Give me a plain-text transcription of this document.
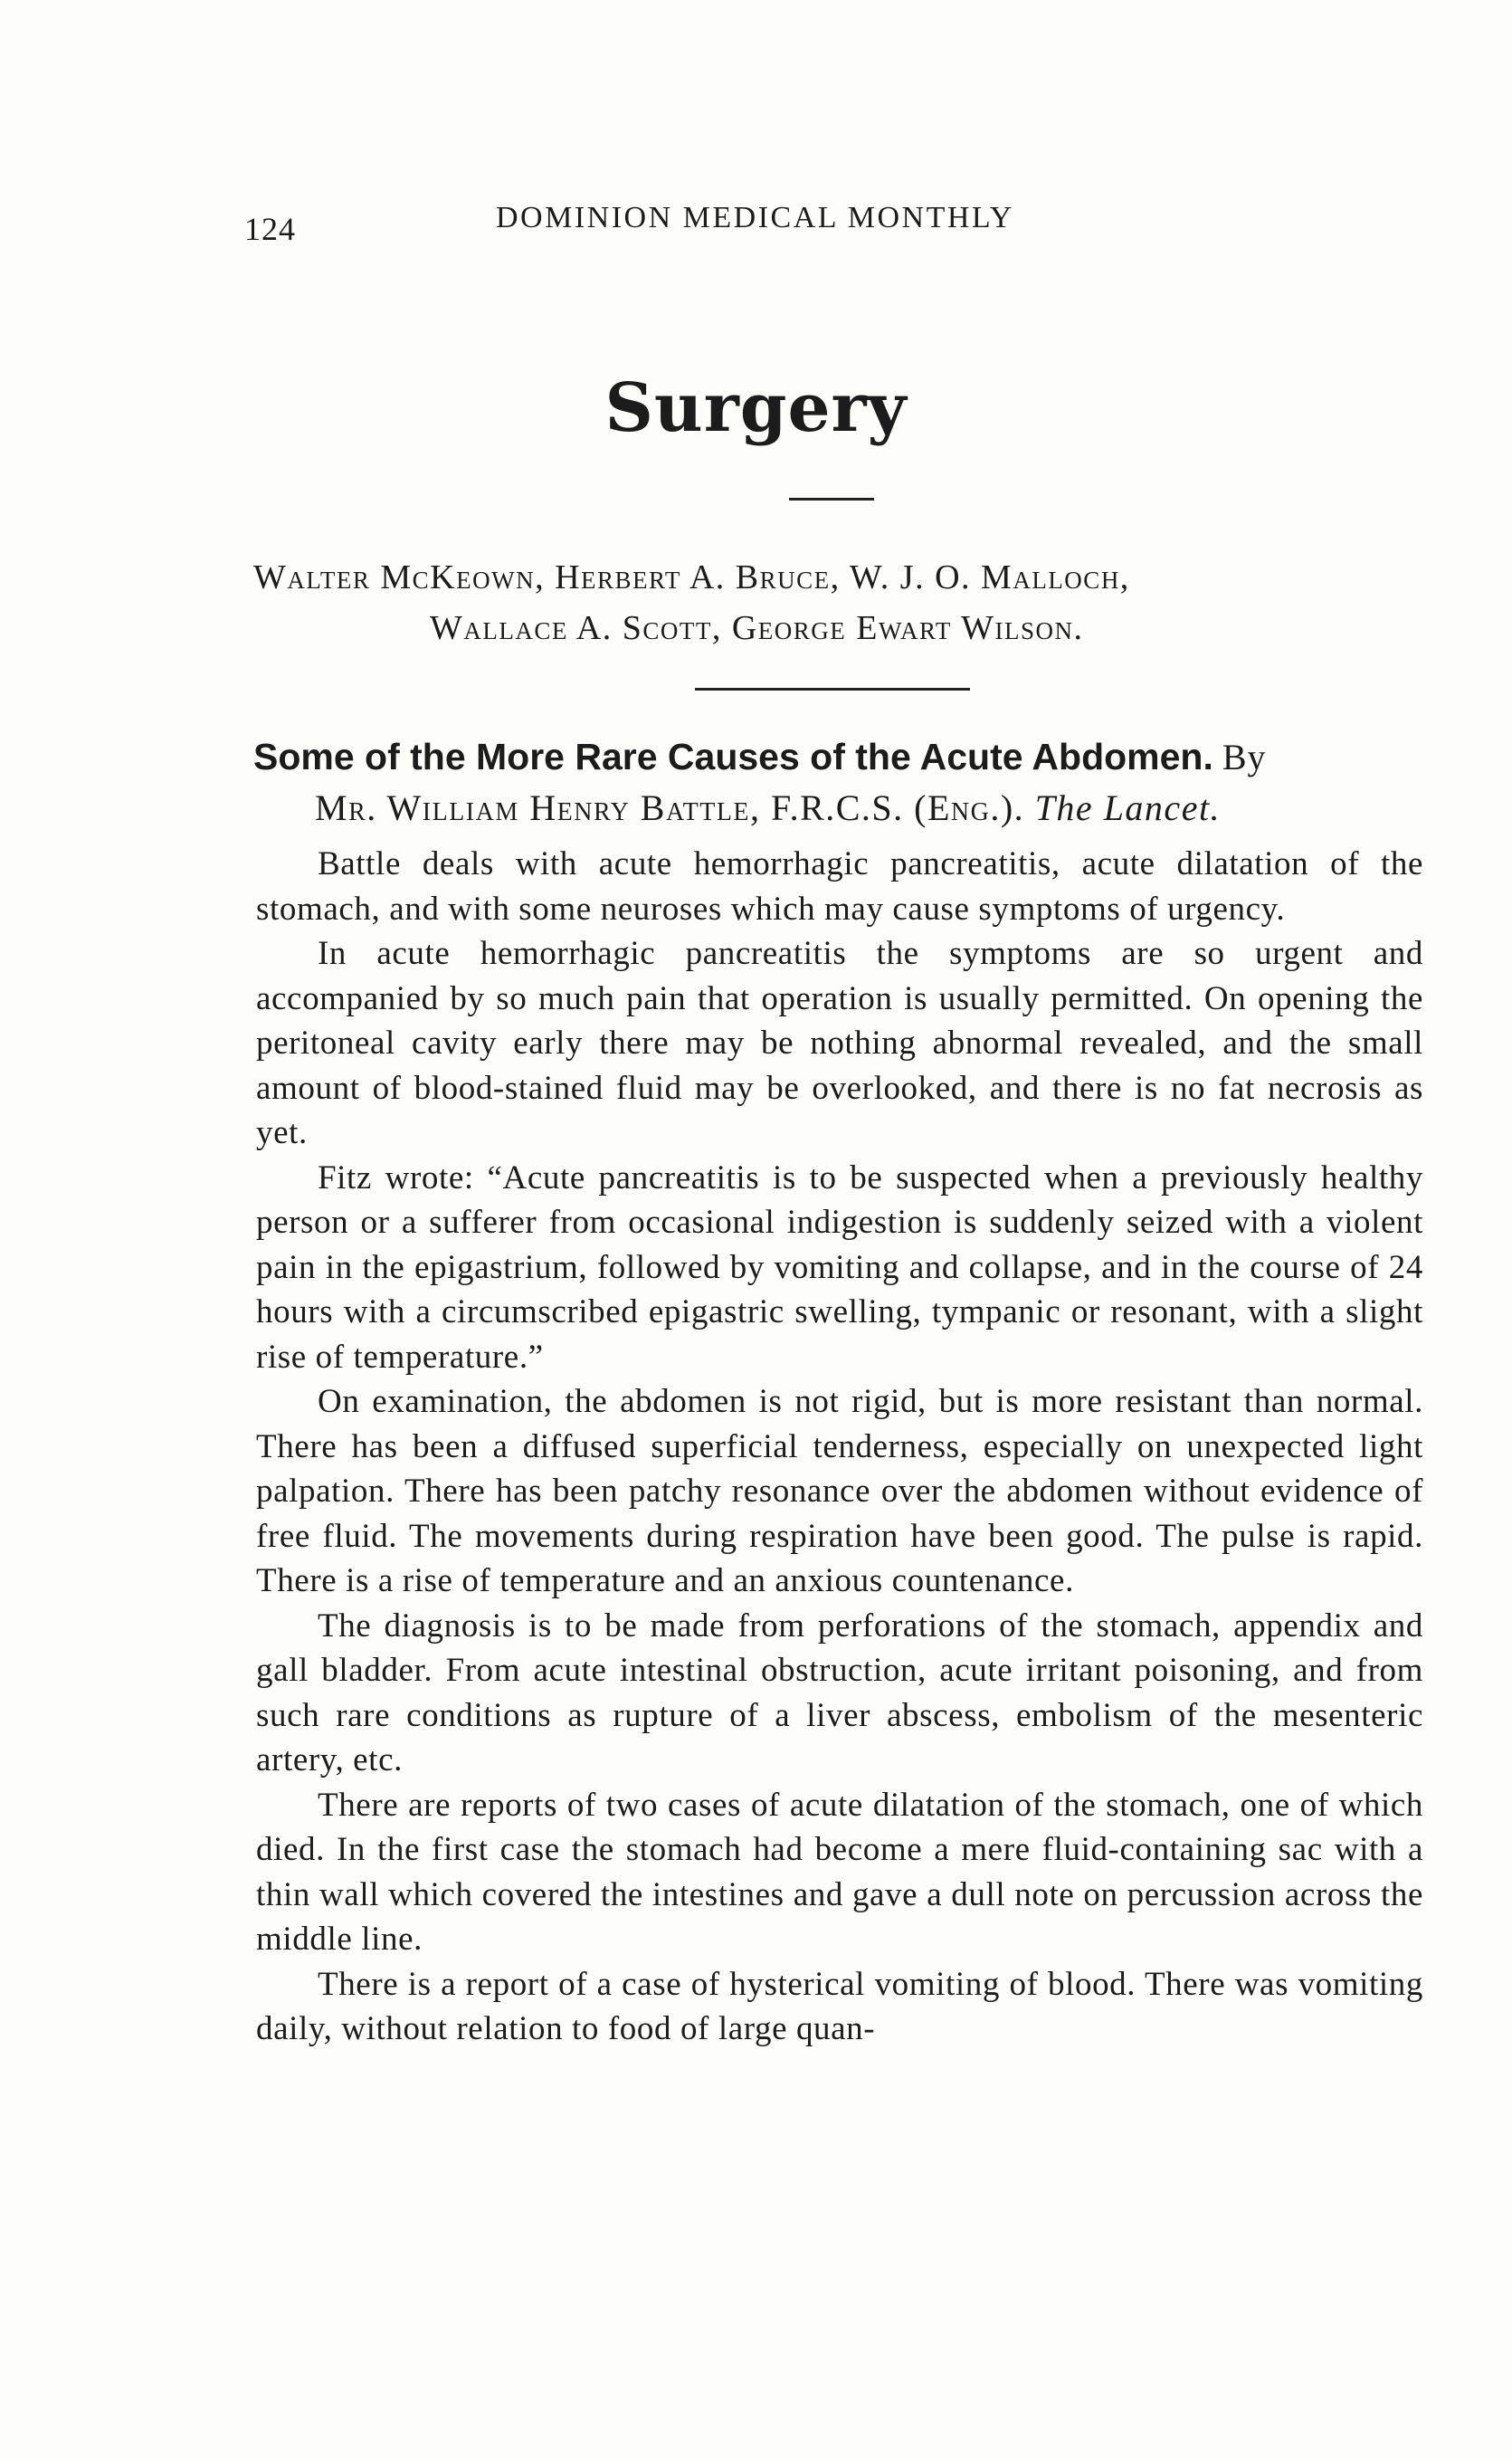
124	DOMINION MEDICAL MONTHLY
Surgery
Walter McKeown, Herbert A. Bruce, W. J. O. Malloch,
Wallace A. Scott, George Ewart Wilson.
Some of the More Rare Causes of the Acute Abdomen. By
Mr. William Henry Battle, F.R.C.S. (Eng.). The Lancet.

Battle deals with acute hemorrhagic pancreatitis, acute dilatation of the stomach, and with some neuroses which may cause symptoms of urgency.

In acute hemorrhagic pancreatitis the symptoms are so urgent and accompanied by so much pain that operation is usually permitted. On opening the peritoneal cavity early there may be nothing abnormal revealed, and the small amount of blood-stained fluid may be overlooked, and there is no fat necrosis as yet.

Fitz wrote: “Acute pancreatitis is to be suspected when a previously healthy person or a sufferer from occasional indigestion is suddenly seized with a violent pain in the epigastrium, followed by vomiting and collapse, and in the course of 24 hours with a circumscribed epigastric swelling, tympanic or resonant, with a slight rise of temperature.”

On examination, the abdomen is not rigid, but is more resistant than normal. There has been a diffused superficial tenderness, especially on unexpected light palpation. There has been patchy resonance over the abdomen without evidence of free fluid. The movements during respiration have been good. The pulse is rapid. There is a rise of temperature and an anxious countenance.

The diagnosis is to be made from perforations of the stomach, appendix and gall bladder. From acute intestinal obstruction, acute irritant poisoning, and from such rare conditions as rupture of a liver abscess, embolism of the mesenteric artery, etc.

There are reports of two cases of acute dilatation of the stomach, one of which died. In the first case the stomach had become a mere fluid-containing sac with a thin wall which covered the intestines and gave a dull note on percussion across the middle line.

There is a report of a case of hysterical vomiting of blood. There was vomiting daily, without relation to food of large quan-
